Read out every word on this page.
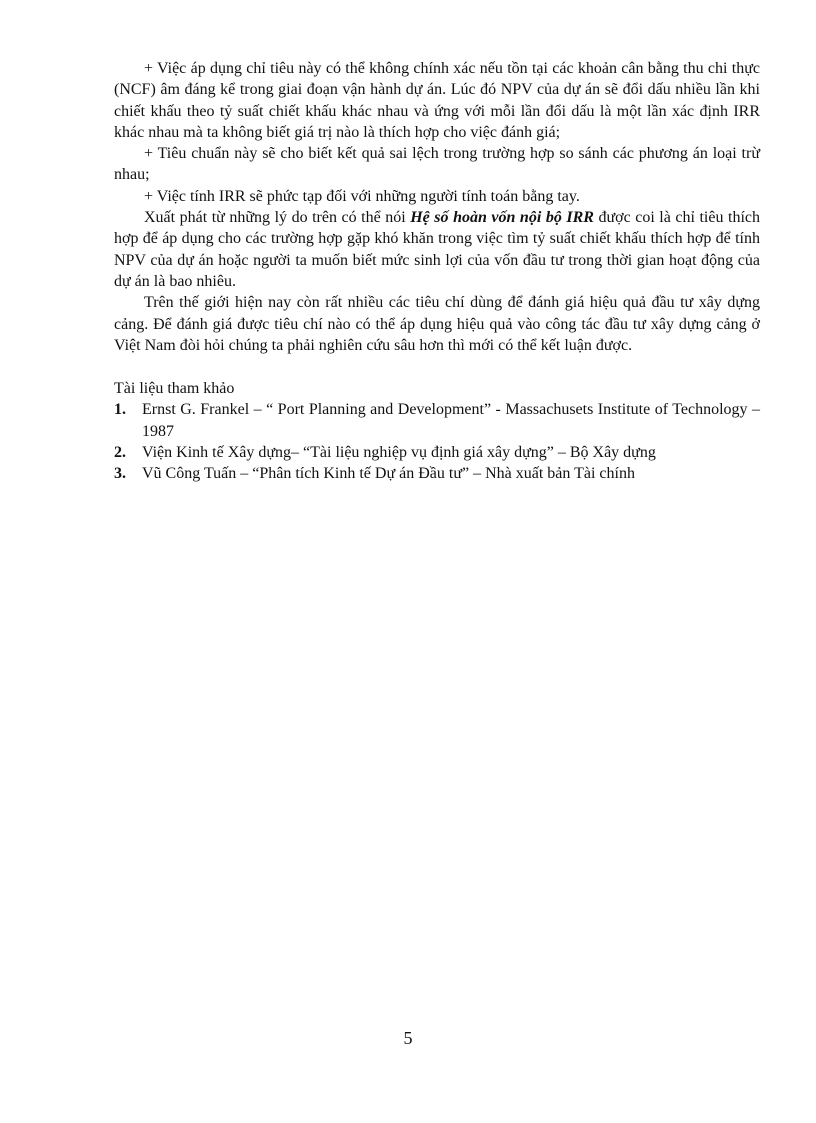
+ Việc áp dụng chỉ tiêu này có thể không chính xác nếu tồn tại các khoản cân bằng thu chi thực (NCF) âm đáng kể trong giai đoạn vận hành dự án. Lúc đó NPV của dự án sẽ đổi dấu nhiều lần khi chiết khấu theo tỷ suất chiết khấu khác nhau và ứng với mỗi lần đổi dấu là một lần xác định IRR khác nhau mà ta không biết giá trị nào là thích hợp cho việc đánh giá;

+ Tiêu chuẩn này sẽ cho biết kết quả sai lệch trong trường hợp so sánh các phương án loại trừ nhau;

+ Việc tính IRR sẽ phức tạp đối với những người tính toán bằng tay.

Xuất phát từ những lý do trên có thể nói Hệ số hoàn vốn nội bộ IRR được coi là chỉ tiêu thích hợp để áp dụng cho các trường hợp gặp khó khăn trong việc tìm tỷ suất chiết khấu thích hợp để tính NPV của dự án hoặc người ta muốn biết mức sinh lợi của vốn đầu tư trong thời gian hoạt động của dự án là bao nhiêu.

Trên thế giới hiện nay còn rất nhiều các tiêu chí dùng để đánh giá hiệu quả đầu tư xây dựng cảng. Để đánh giá được tiêu chí nào có thể áp dụng hiệu quả vào công tác đầu tư xây dựng cảng ở Việt Nam đòi hỏi chúng ta phải nghiên cứu sâu hơn thì mới có thể kết luận được.

Tài liệu tham khảo

1. Ernst G. Frankel – “ Port Planning and Development” - Massachusets Institute of Technology – 1987
2. Viện Kinh tế Xây dựng– “Tài liệu nghiệp vụ định giá xây dựng” – Bộ Xây dựng
3. Vũ Công Tuấn – “Phân tích Kinh tế Dự án Đầu tư” – Nhà xuất bản Tài chính
5
